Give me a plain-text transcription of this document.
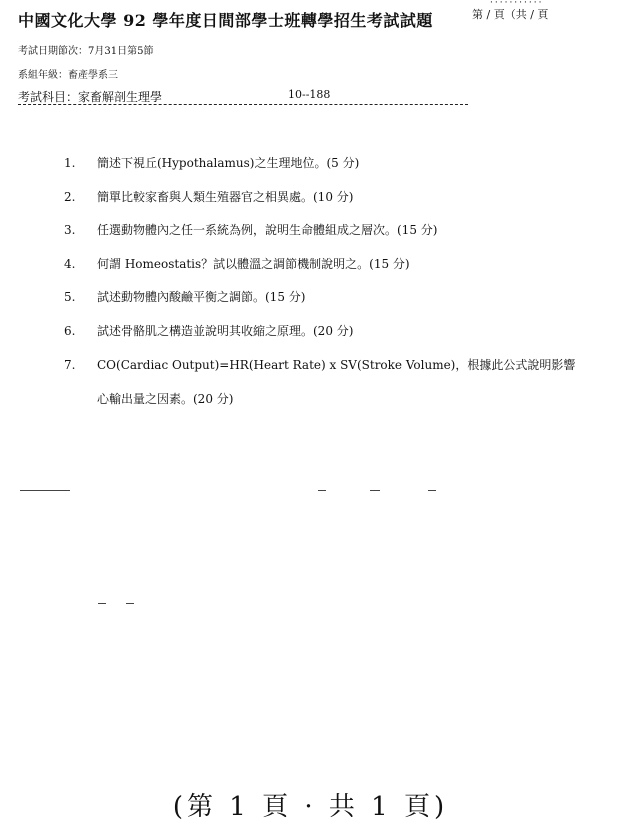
中國文化大學 92 學年度日間部學士班轉學招生考試試題
···········
第 / 頁（共 / 頁
考試日期節次：7月31日第5節
系組年級：畜產學系三
考試科目：家畜解剖生理學	10--188
1. 簡述下視丘(Hypothalamus)之生理地位。(5 分)
2. 簡單比較家畜與人類生殖器官之相異處。(10 分)
3. 任選動物體內之任一系統為例，說明生命體組成之層次。(15 分)
4. 何謂 Homeostatis？試以體溫之調節機制說明之。(15 分)
5. 試述動物體內酸鹼平衡之調節。(15 分)
6. 試述骨骼肌之構造並說明其收縮之原理。(20 分)
7. CO(Cardiac Output)=HR(Heart Rate) x SV(Stroke Volume)，根據此公式說明影響
心輸出量之因素。(20 分)
(第 1 頁 · 共 1 頁)
